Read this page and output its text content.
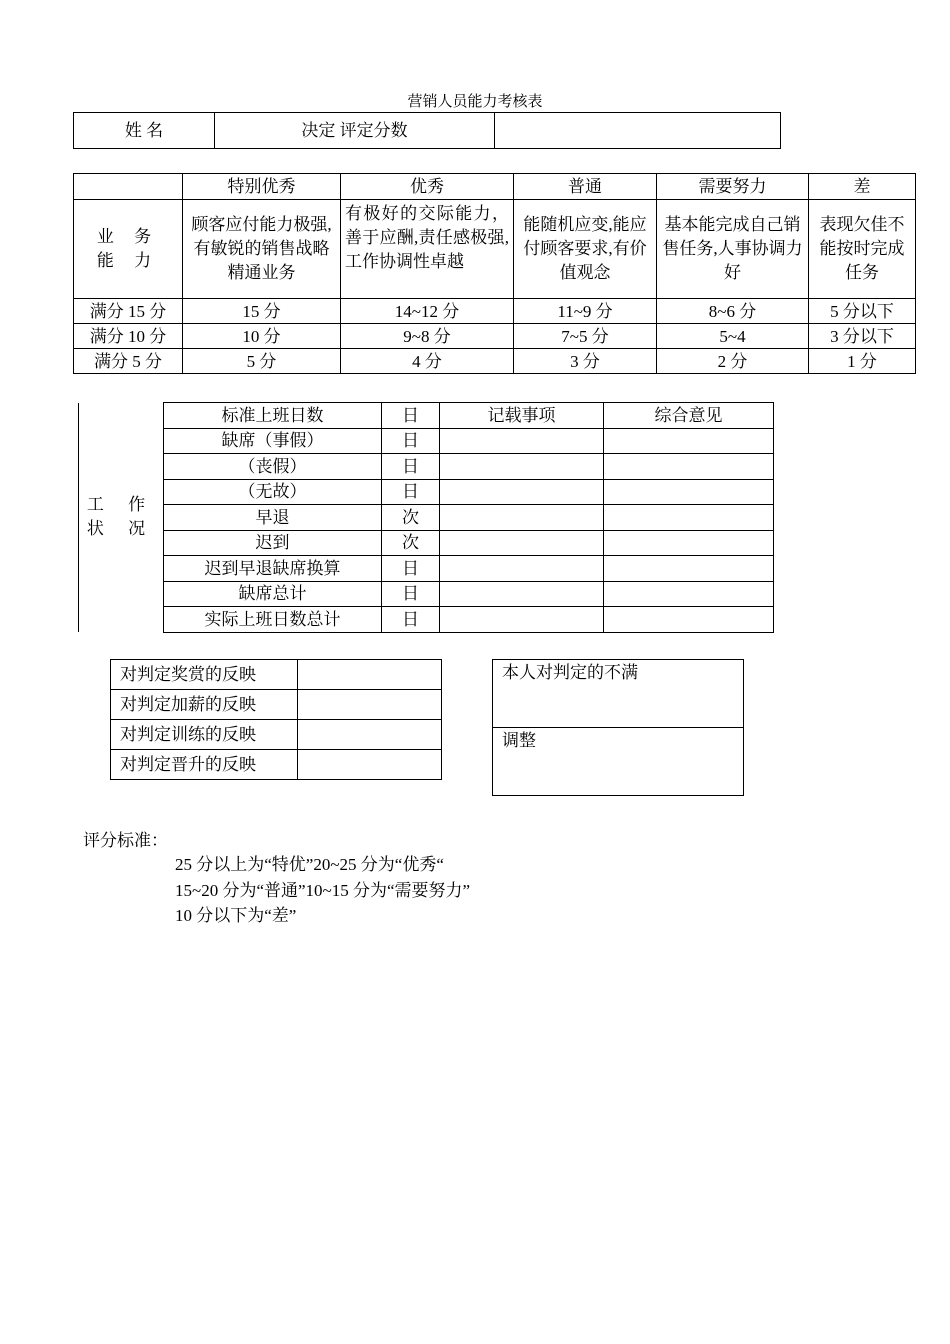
营销人员能力考核表
姓 名	决定 评定分数	
	特别优秀	优秀	普通	需要努力	差
业 务
能 力	顾客应付能力极强,有敏锐的销售战略精通业务	有极好的交际能力，善于应酬,责任感极强,工作协调性卓越	能随机应变,能应付顾客要求,有价值观念	基本能完成自己销售任务,人事协调力好	表现欠佳不能按时完成任务
满分 15 分	15 分	14~12 分	11~9 分	8~6 分	5 分以下
满分 10 分	10 分	9~8 分	7~5 分	5~4	3 分以下
满分 5 分	5 分	4 分	3 分	2 分	1 分
工 作
状 况	标准上班日数	日	记载事项	综合意见
	缺席（事假）	日		
	（丧假）	日		
	（无故）	日		
	早退	次		
	迟到	次		
	迟到早退缺席换算	日		
	缺席总计	日		
	实际上班日数总计	日		
对判定奖赏的反映	
对判定加薪的反映	
对判定训练的反映	
对判定晋升的反映	
本人对判定的不满
调整
评分标准：
25 分以上为“特优”20~25 分为“优秀“
15~20 分为“普通”10~15 分为“需要努力”
10 分以下为“差”
